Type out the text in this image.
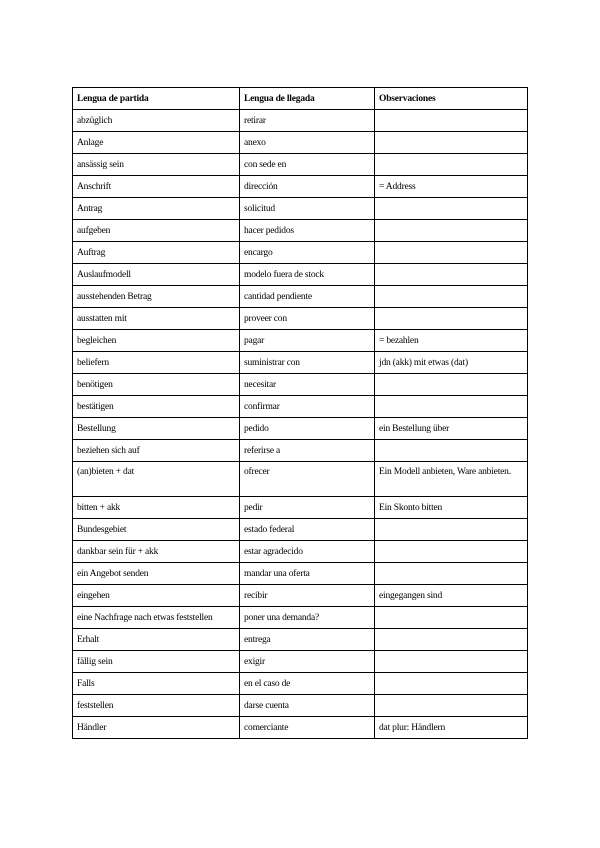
Lengua de partida	Lengua de llegada	Observaciones
abzüglich	retirar	
Anlage	anexo	
ansässig sein	con sede en	
Anschrift	dirección	= Address
Antrag	solicitud	
aufgeben	hacer pedidos	
Auftrag	encargo	
Auslaufmodell	modelo fuera de stock	
ausstehenden Betrag	cantidad pendiente	
ausstatten mit	proveer con	
begleichen	pagar	= bezahlen
beliefern	suministrar con	jdn (akk) mit etwas (dat)
benötigen	necesitar	
bestätigen	confirmar	
Bestellung	pedido	ein Bestellung über
beziehen sich auf	referirse a	
(an)bieten + dat	ofrecer	Ein Modell anbieten, Ware anbieten.
bitten + akk	pedir	Ein Skonto bitten
Bundesgebiet	estado federal	
dankbar sein für + akk	estar agradecido	
ein Angebot senden	mandar una oferta	
eingehen	recibir	eingegangen sind
eine Nachfrage nach etwas feststellen	poner una demanda?	
Erhalt	entrega	
fällig sein	exigir	
Falls	en el caso de	
feststellen	darse cuenta	
Händler	comerciante	dat plur: Händlern
